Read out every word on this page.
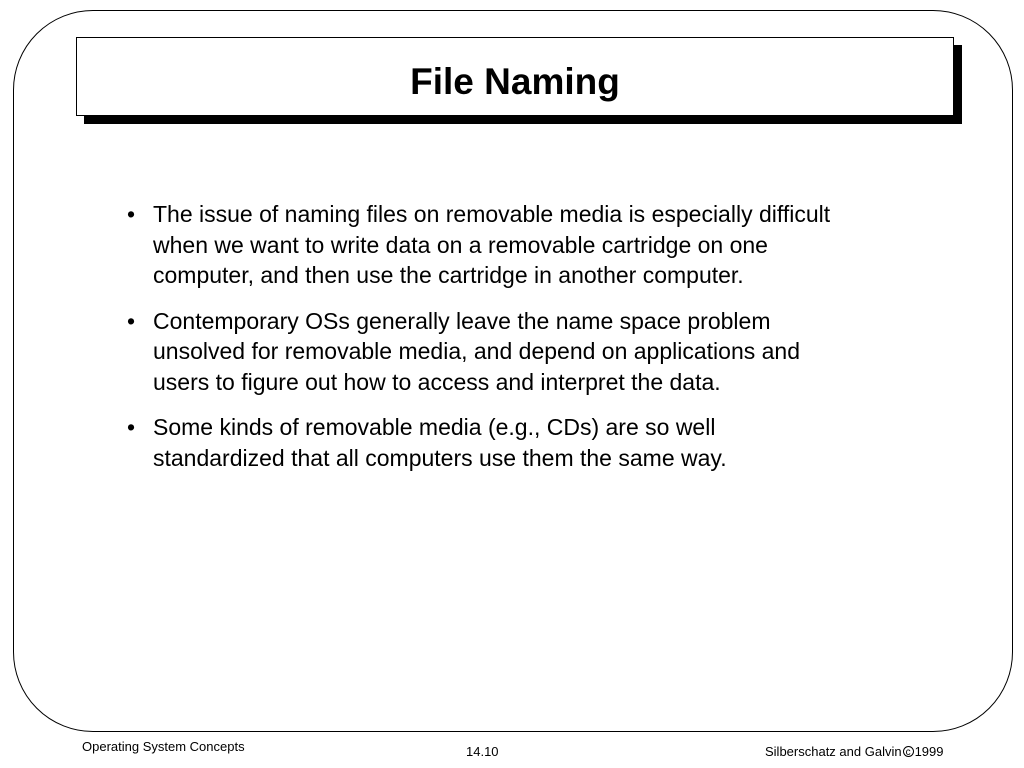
File Naming
• The issue of naming files on removable media is especially difficult when we want to write data on a removable cartridge on one computer, and then use the cartridge in another computer.
• Contemporary OSs generally leave the name space problem unsolved for removable media, and depend on applications and users to figure out how to access and interpret the data.
• Some kinds of removable media (e.g., CDs) are so well standardized that all computers use them the same way.
Operating System Concepts	14.10	Silberschatz and Galvin c 1999
